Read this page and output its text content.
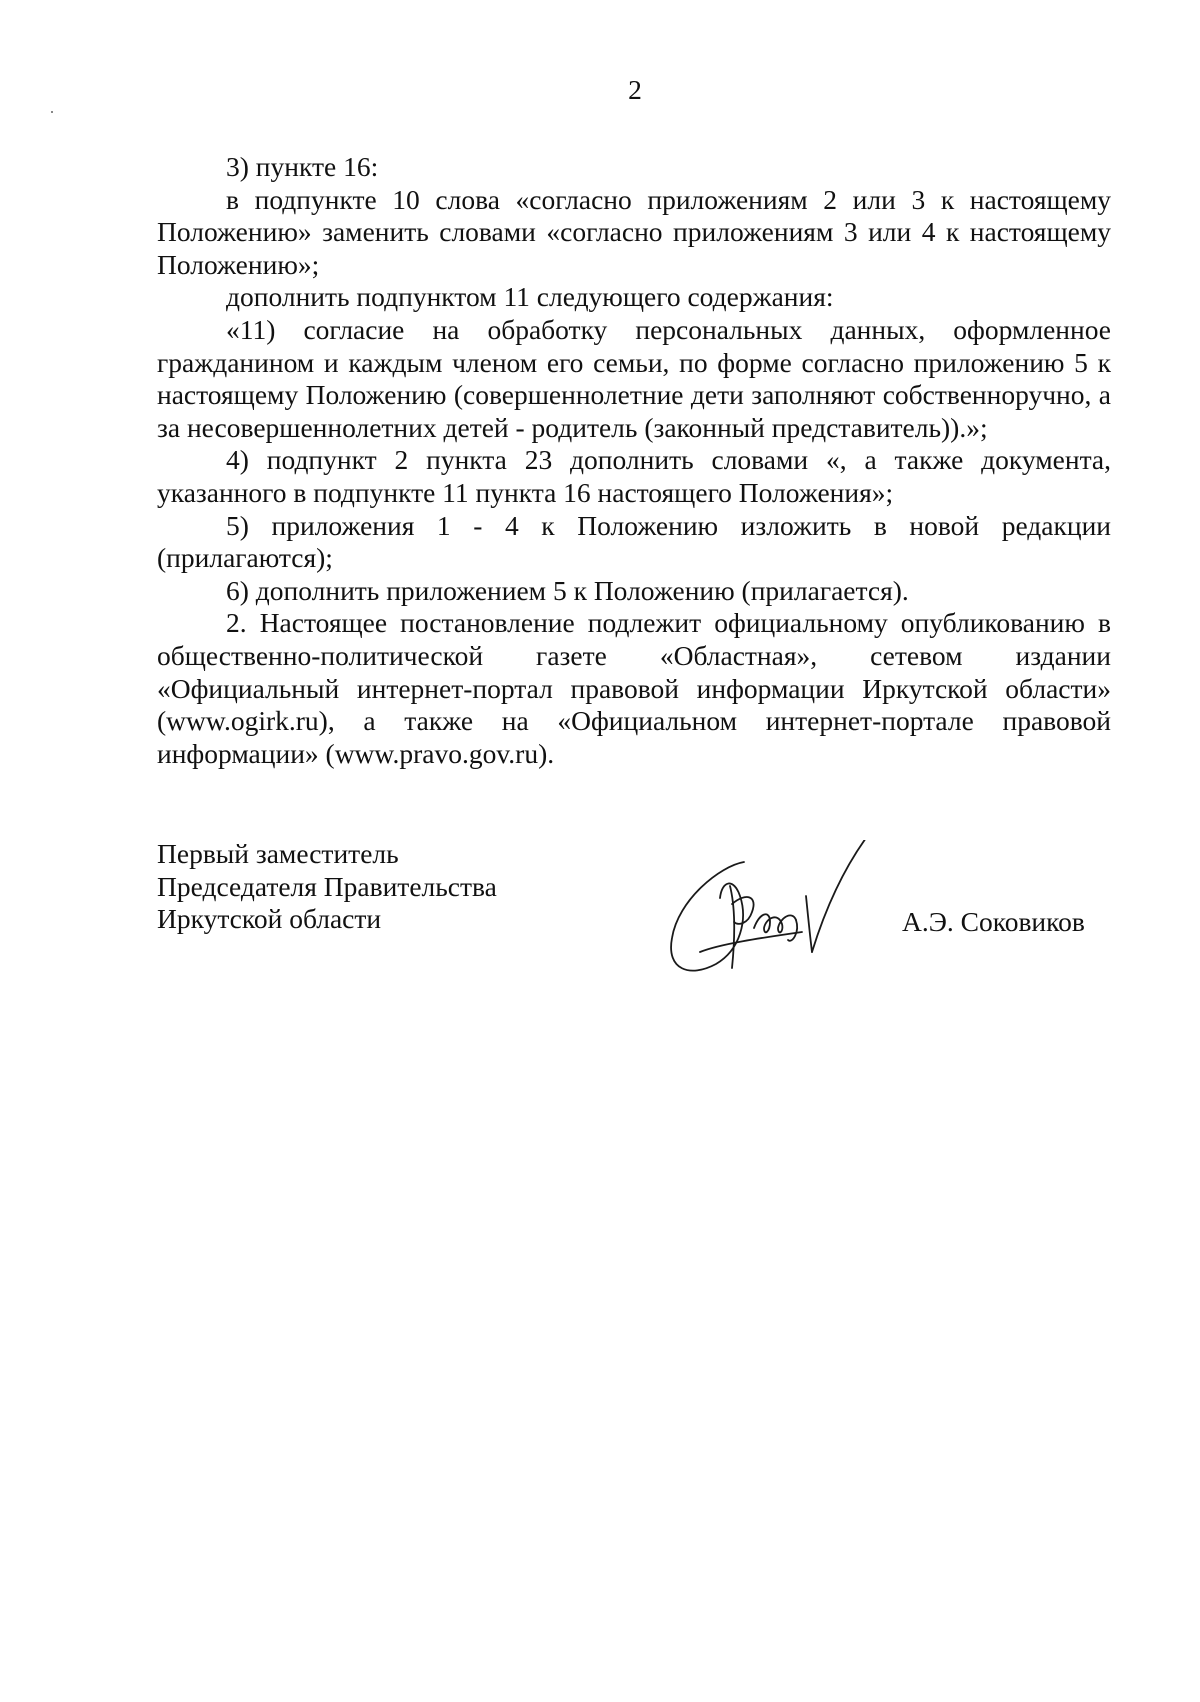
2

3) пункте 16:

в подпункте 10 слова «согласно приложениям 2 или 3 к настоящему Положению» заменить словами «согласно приложениям 3 или 4 к настоящему Положению»;

дополнить подпунктом 11 следующего содержания:

«11) согласие на обработку персональных данных, оформленное гражданином и каждым членом его семьи, по форме согласно приложению 5 к настоящему Положению (совершеннолетние дети заполняют собственноручно, а за несовершеннолетних детей - родитель (законный представитель)).»;

4) подпункт 2 пункта 23 дополнить словами «, а также документа, указанного в подпункте 11 пункта 16 настоящего Положения»;

5) приложения 1 - 4 к Положению изложить в новой редакции (прилагаются);

6) дополнить приложением 5 к Положению (прилагается).

2. Настоящее постановление подлежит официальному опубликованию в общественно-политической газете «Областная», сетевом издании «Официальный интернет-портал правовой информации Иркутской области» (www.ogirk.ru), а также на «Официальном интернет-портале правовой информации» (www.pravo.gov.ru).

Первый заместитель
Председателя Правительства
Иркутской области	А.Э. Соковиков
